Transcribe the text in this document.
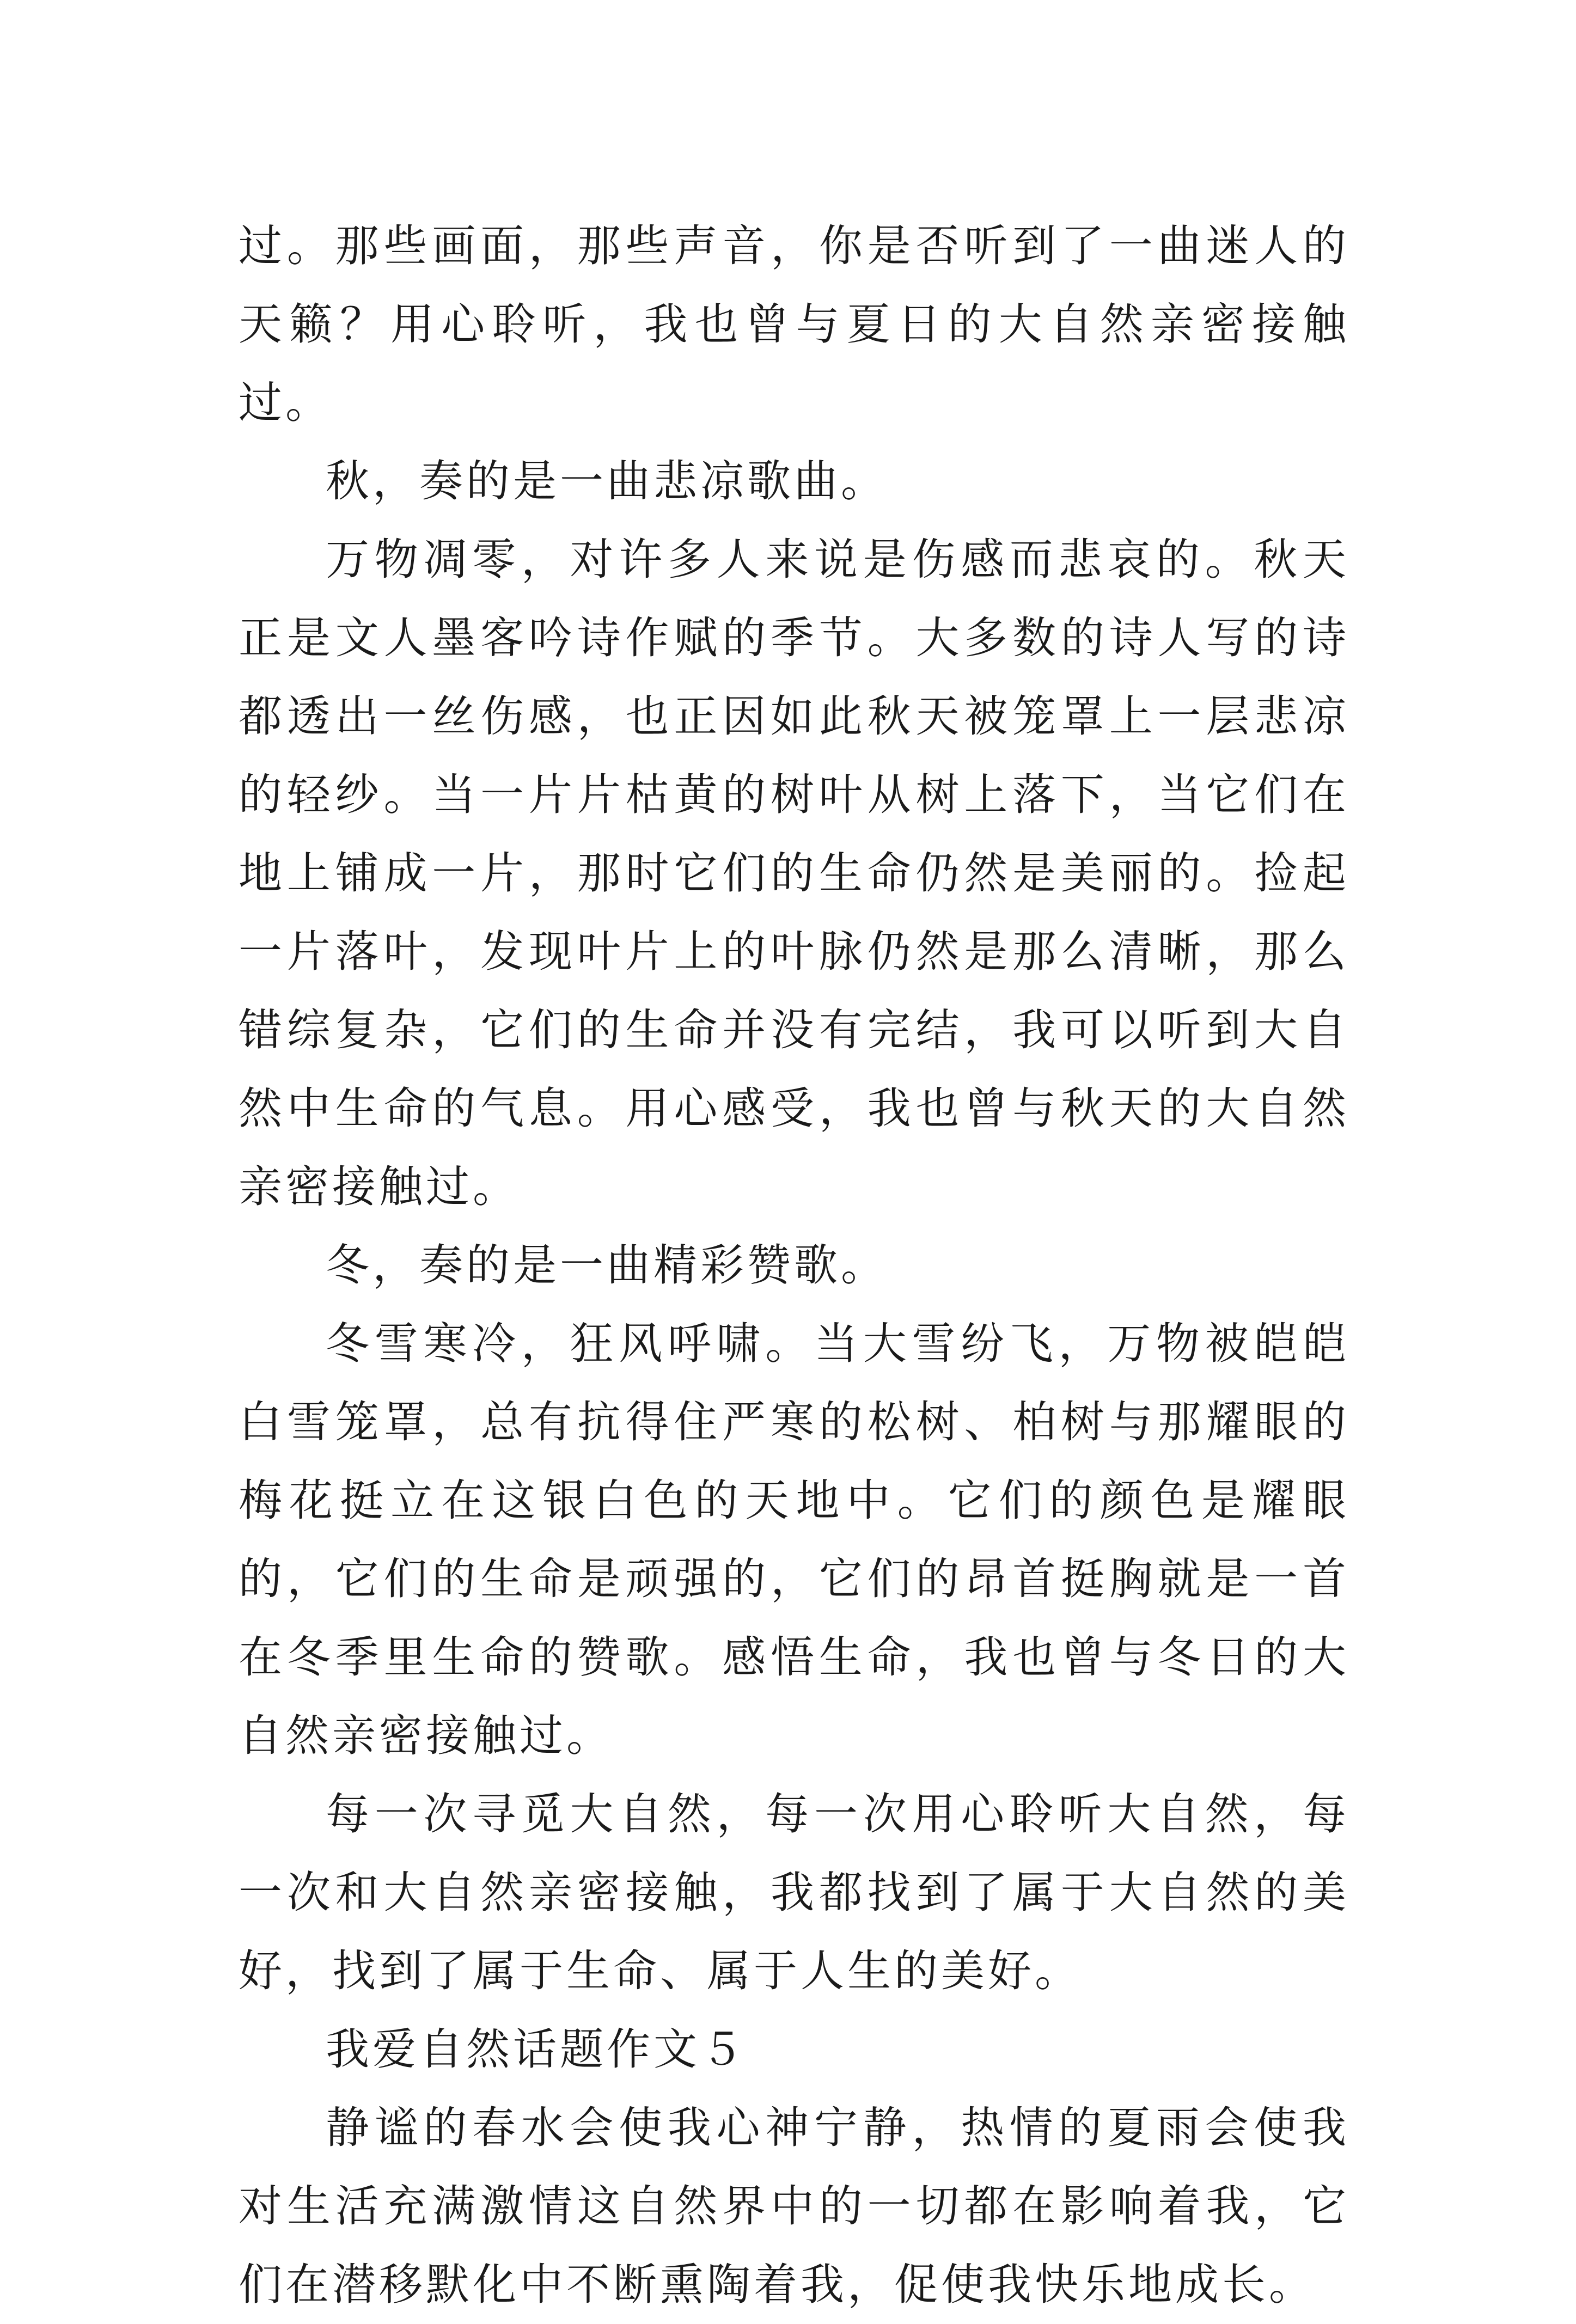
过。那些画面，那些声音，你是否听到了一曲迷人的天籁？用心聆听，我也曾与夏日的大自然亲密接触过。

秋，奏的是一曲悲凉歌曲。

万物凋零，对许多人来说是伤感而悲哀的。秋天正是文人墨客吟诗作赋的季节。大多数的诗人写的诗都透出一丝伤感，也正因如此秋天被笼罩上一层悲凉的轻纱。当一片片枯黄的树叶从树上落下，当它们在地上铺成一片，那时它们的生命仍然是美丽的。捡起一片落叶，发现叶片上的叶脉仍然是那么清晰，那么错综复杂，它们的生命并没有完结，我可以听到大自然中生命的气息。用心感受，我也曾与秋天的大自然亲密接触过。

冬，奏的是一曲精彩赞歌。

冬雪寒冷，狂风呼啸。当大雪纷飞，万物被皑皑白雪笼罩，总有抗得住严寒的松树、柏树与那耀眼的梅花挺立在这银白色的天地中。它们的颜色是耀眼的，它们的生命是顽强的，它们的昂首挺胸就是一首在冬季里生命的赞歌。感悟生命，我也曾与冬日的大自然亲密接触过。

每一次寻觅大自然，每一次用心聆听大自然，每一次和大自然亲密接触，我都找到了属于大自然的美好，找到了属于生命、属于人生的美好。

我爱自然话题作文５

静谧的春水会使我心神宁静，热情的夏雨会使我对生活充满激情这自然界中的一切都在影响着我，它们在潜移默化中不断熏陶着我，促使我快乐地成长。
